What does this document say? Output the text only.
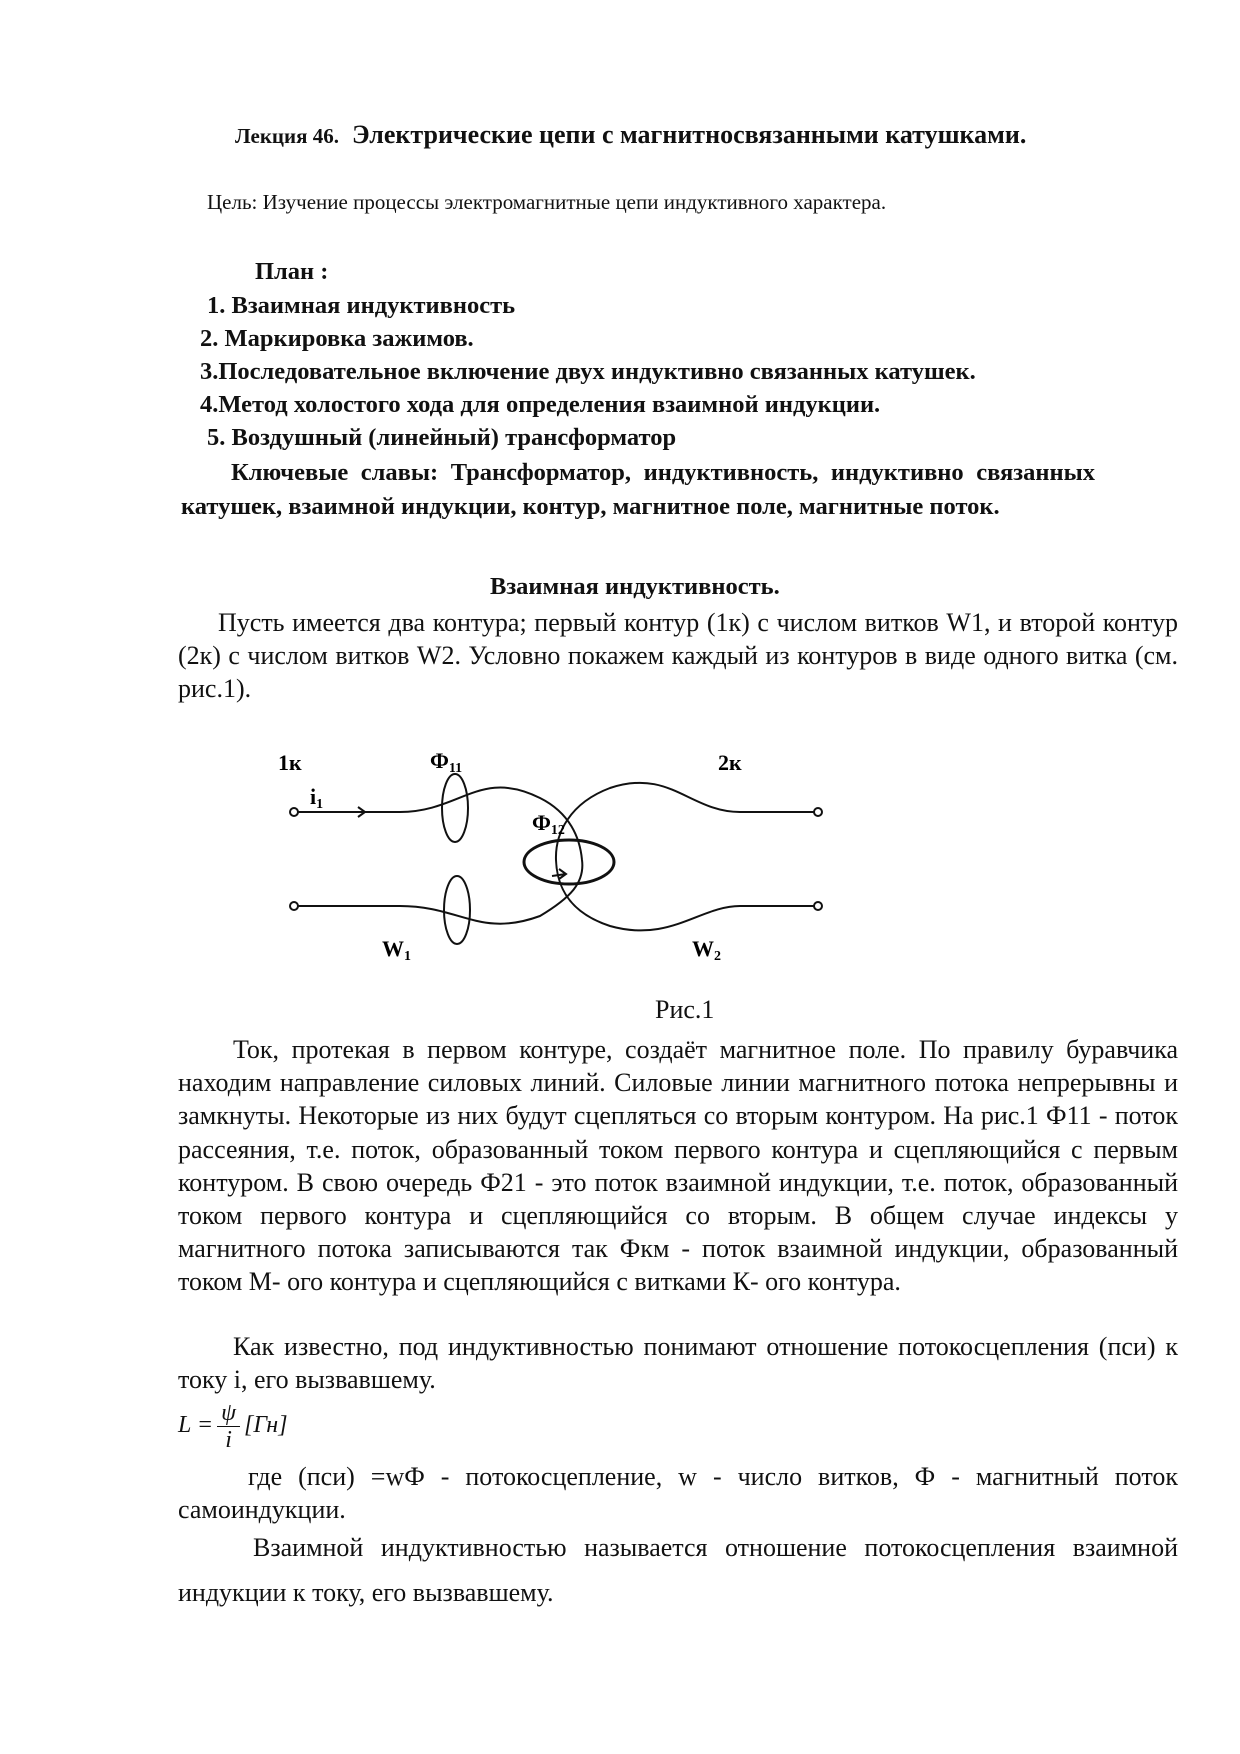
Лекция 46. Электрические цепи с магнитносвязанными катушками.

Цель: Изучение процессы электромагнитные цепи индуктивного характера.

План :

1. Взаимная индуктивность

2. Маркировка зажимов.

3.Последовательное включение двух индуктивно связанных катушек.

4.Метод холостого хода для определения взаимной индукции.

5. Воздушный (линейный) трансформатор

Ключевые славы: Трансформатор, индуктивность, индуктивно связанных катушек, взаимной индукции, контур, магнитное поле, магнитные поток.

Взаимная индуктивность.

Пусть имеется два контура; первый контур (1к) с числом витков W1, и второй контур (2к) с числом витков W2. Условно покажем каждый из контуров в виде одного витка (см. рис.1).

1к
i1
Ф11
Ф12
2к
W1	W2

Рис.1

Ток, протекая в первом контуре, создаёт магнитное поле. По правилу буравчика находим направление силовых линий. Силовые линии магнитного потока непрерывны и замкнуты. Некоторые из них будут сцепляться со вторым контуром. На рис.1 Ф11 - поток рассеяния, т.е. поток, образованный током первого контура и сцепляющийся с первым контуром. В свою очередь Ф21 - это поток взаимной индукции, т.е. поток, образованный током первого контура и сцепляющийся со вторым. В общем случае индексы у магнитного потока записываются так Фкм - поток взаимной индукции, образованный током М- ого контура и сцепляющийся с витками К- ого контура.

Как известно, под индуктивностью понимают отношение потокосцепления (пси) к току i, его вызвавшему.

$L = \frac{\psi}{i} [Гн]$

где (пси) =wФ - потокосцепление, w - число витков, Ф - магнитный поток самоиндукции.

Взаимной индуктивностью называется отношение потокосцепления взаимной индукции к току, его вызвавшему.
